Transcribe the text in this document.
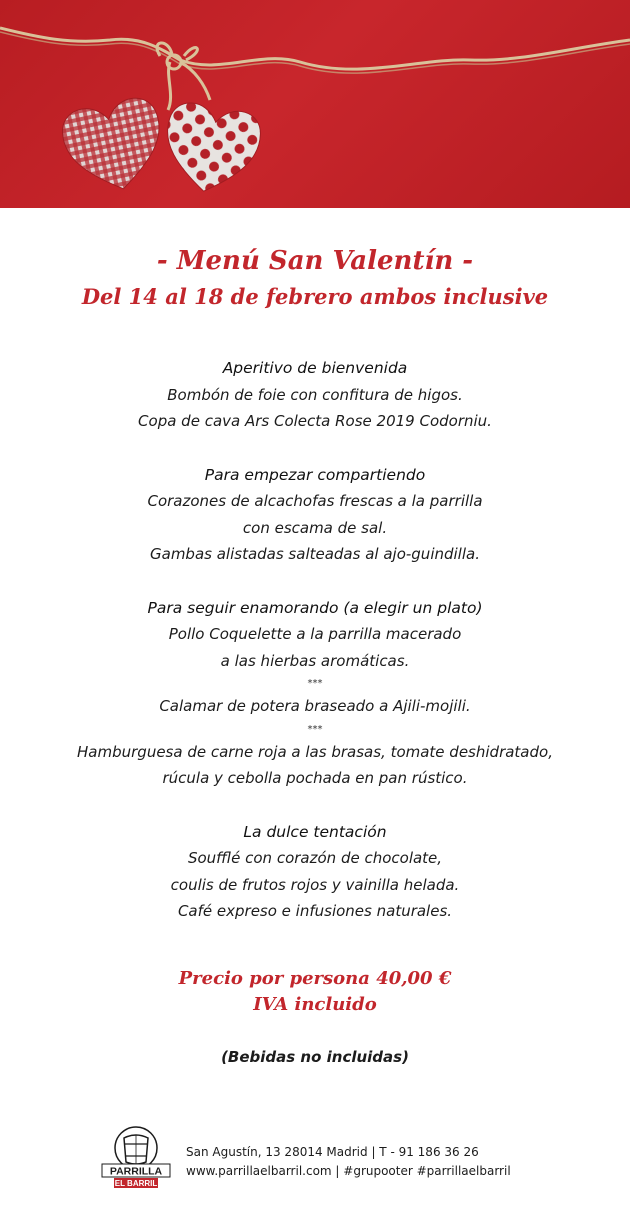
- Menú San Valentín -
Del 14 al 18 de febrero ambos inclusive
Aperitivo de bienvenida
Bombón de foie con confitura de higos.
Copa de cava Ars Colecta Rose 2019 Codorniu.
Para empezar compartiendo
Corazones de alcachofas frescas a la parrilla
con escama de sal.
Gambas alistadas salteadas al ajo-guindilla.
Para seguir enamorando (a elegir un plato)
Pollo Coquelette a la parrilla macerado
a las hierbas aromáticas.
***
Calamar de potera braseado a Ajili-mojili.
***
Hamburguesa de carne roja a las brasas, tomate deshidratado,
rúcula y cebolla pochada en pan rústico.
La dulce tentación
Soufflé con corazón de chocolate,
coulis de frutos rojos y vainilla helada.
Café expreso e infusiones naturales.
Precio por persona 40,00 €
IVA incluido
(Bebidas no incluidas)
PARRILLA
EL BARRIL
San Agustín, 13 28014 Madrid | T - 91 186 36 26
www.parrillaelbarril.com | #grupooter #parrillaelbarril
